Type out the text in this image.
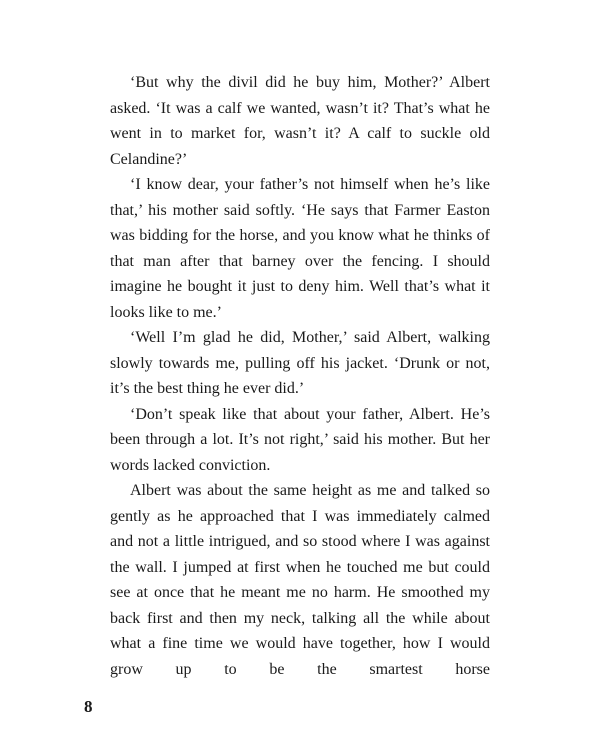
‘But why the divil did he buy him, Mother?’ Albert asked. ‘It was a calf we wanted, wasn’t it? That’s what he went in to market for, wasn’t it? A calf to suckle old Celandine?’

‘I know dear, your father’s not himself when he’s like that,’ his mother said softly. ‘He says that Farmer Easton was bidding for the horse, and you know what he thinks of that man after that barney over the fencing. I should imagine he bought it just to deny him. Well that’s what it looks like to me.’

‘Well I’m glad he did, Mother,’ said Albert, walking slowly towards me, pulling off his jacket. ‘Drunk or not, it’s the best thing he ever did.’

‘Don’t speak like that about your father, Albert. He’s been through a lot. It’s not right,’ said his mother. But her words lacked conviction.

Albert was about the same height as me and talked so gently as he approached that I was immediately calmed and not a little intrigued, and so stood where I was against the wall. I jumped at first when he touched me but could see at once that he meant me no harm. He smoothed my back first and then my neck, talking all the while about what a fine time we would have together, how I would grow up to be the smartest horse

8
